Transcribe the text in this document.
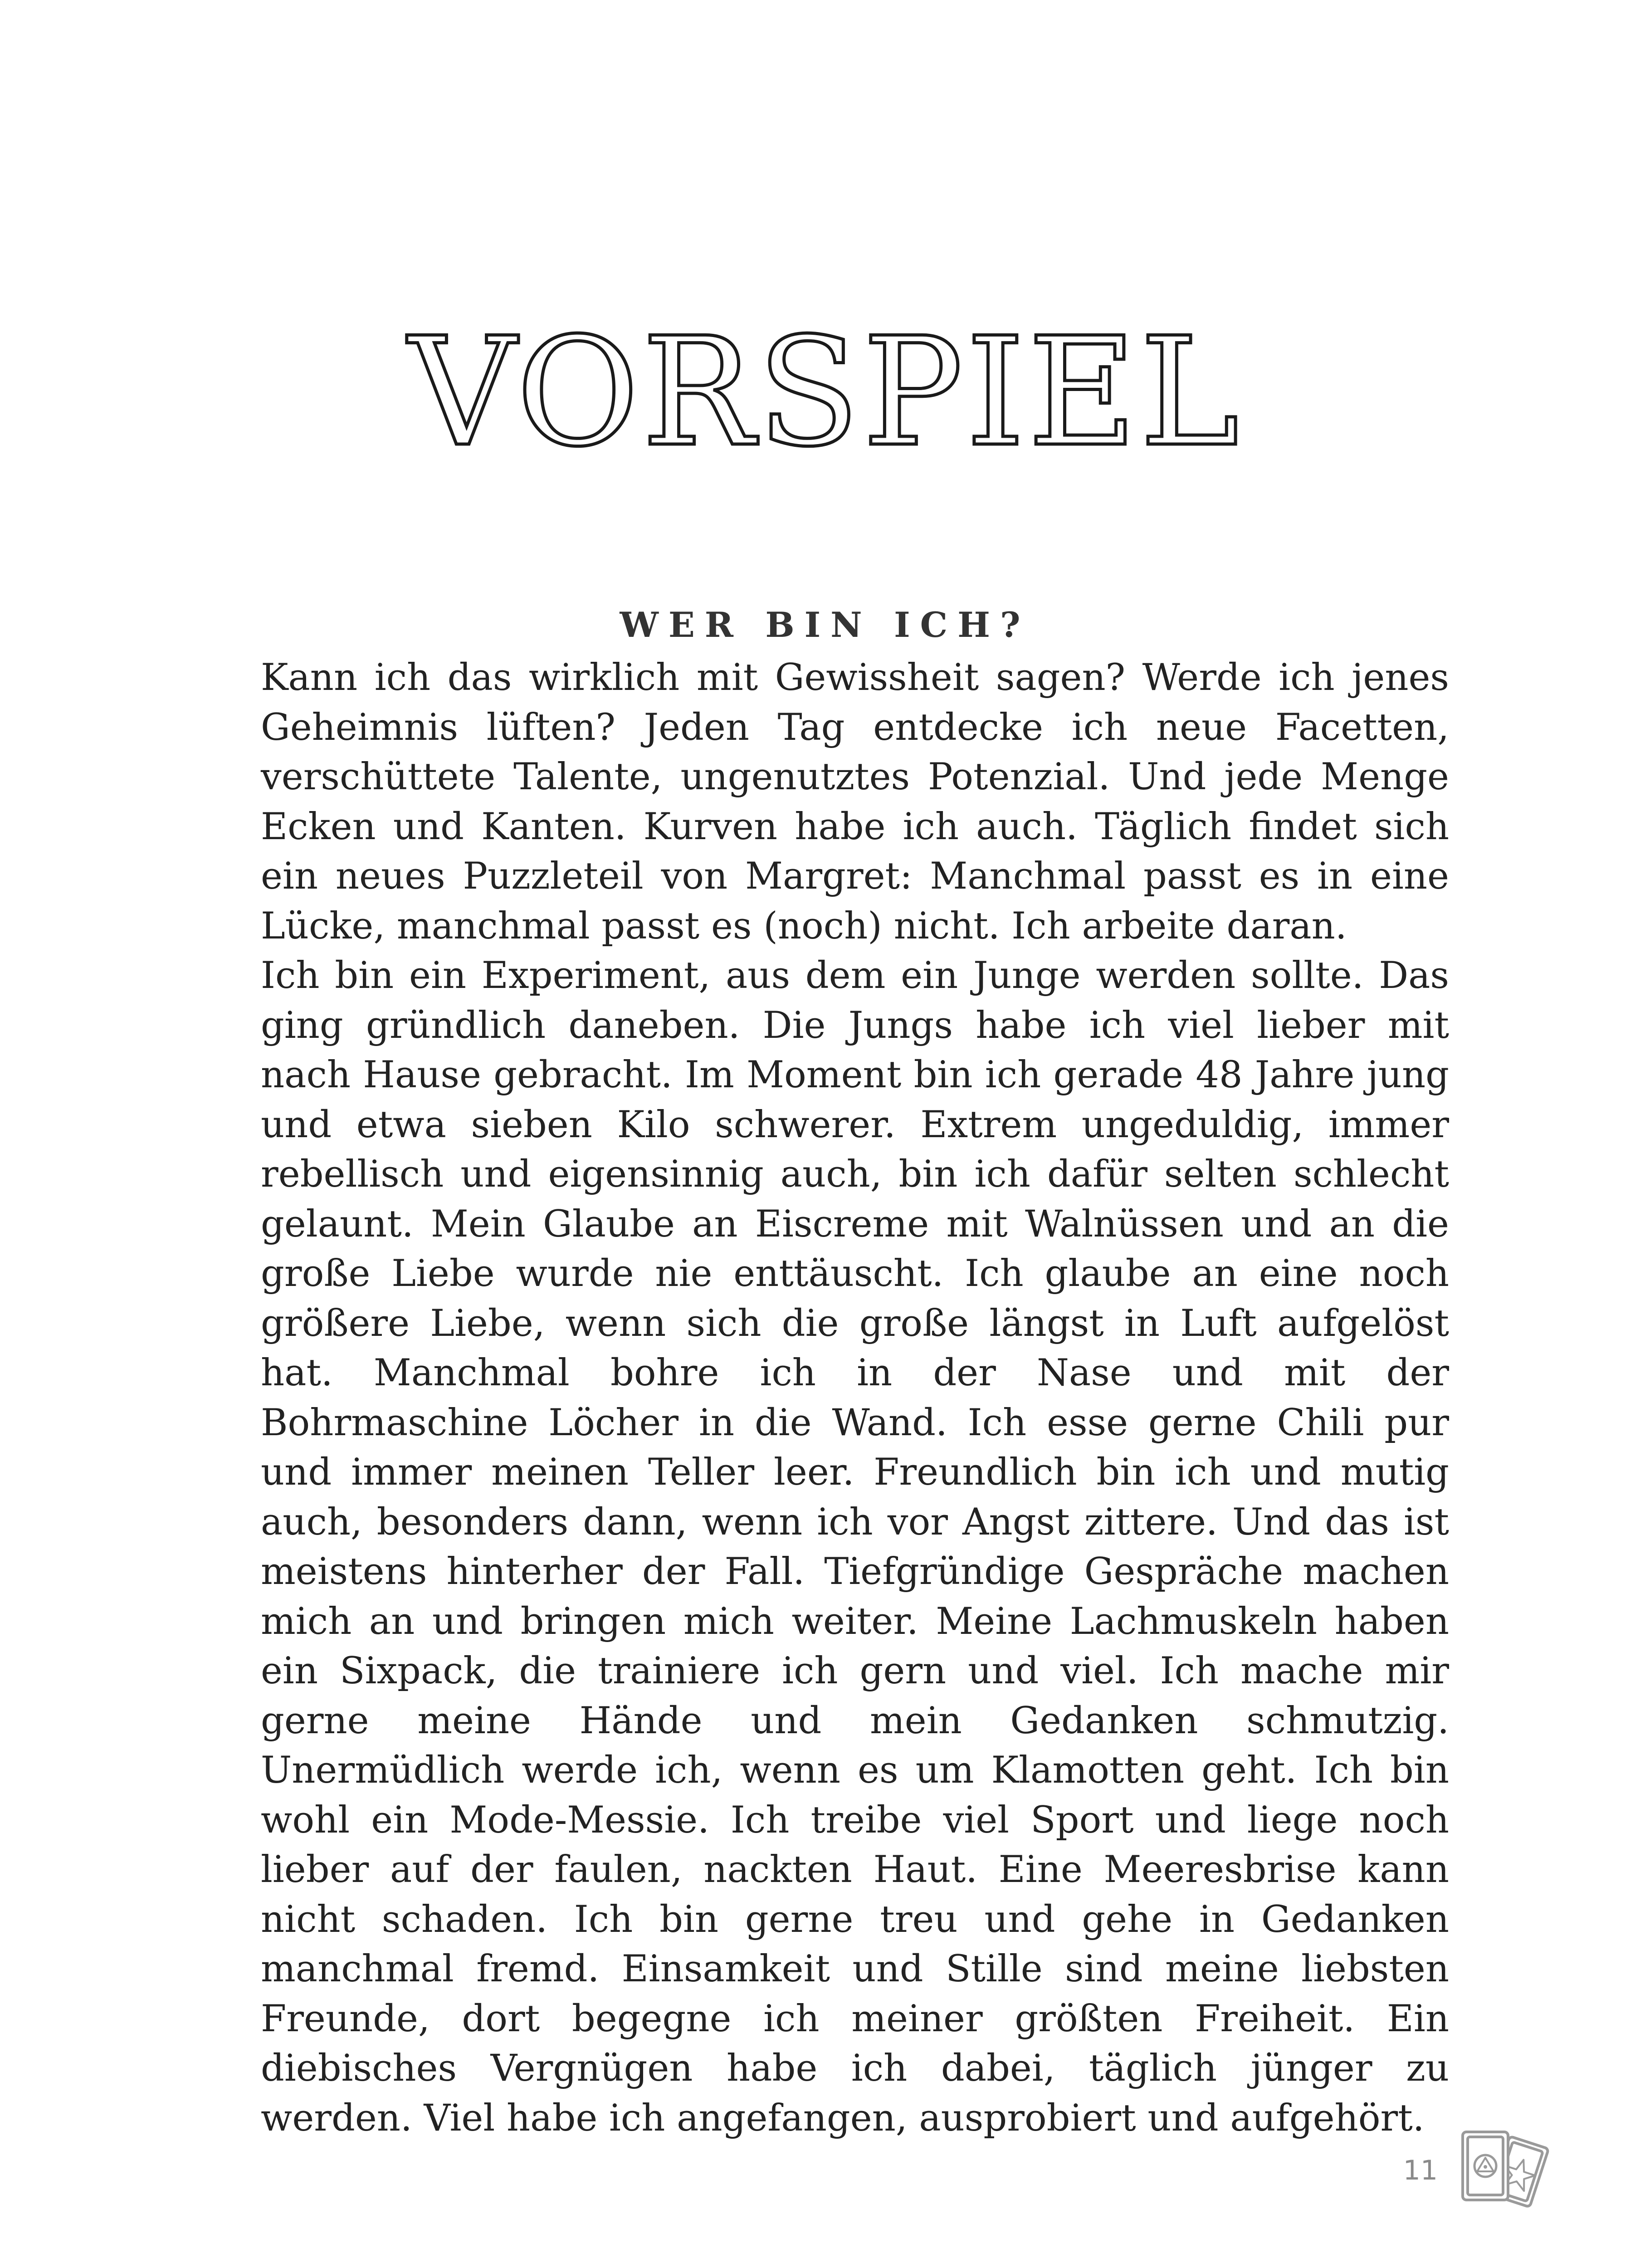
VORSPIEL
WER BIN ICH?

Kann ich das wirklich mit Gewissheit sagen? Werde ich jenes Geheimnis lüften? Jeden Tag entdecke ich neue Facetten, verschüttete Talente, ungenutztes Potenzial. Und jede Menge Ecken und Kanten. Kurven habe ich auch. Täglich findet sich ein neues Puzzleteil von Margret: Manchmal passt es in eine Lücke, manchmal passt es (noch) nicht. Ich arbeite daran.

Ich bin ein Experiment, aus dem ein Junge werden sollte. Das ging gründlich daneben. Die Jungs habe ich viel lieber mit nach Hause gebracht. Im Moment bin ich gerade 48 Jahre jung und etwa sieben Kilo schwerer. Extrem ungeduldig, immer rebellisch und eigensinnig auch, bin ich dafür selten schlecht gelaunt. Mein Glaube an Eiscreme mit Walnüssen und an die große Liebe wurde nie enttäuscht. Ich glaube an eine noch größere Liebe, wenn sich die große längst in Luft aufgelöst hat. Manchmal bohre ich in der Nase und mit der Bohrmaschine Löcher in die Wand. Ich esse gerne Chili pur und immer meinen Teller leer. Freundlich bin ich und mutig auch, besonders dann, wenn ich vor Angst zittere. Und das ist meistens hinterher der Fall. Tiefgründige Gespräche machen mich an und bringen mich weiter. Meine Lachmuskeln haben ein Sixpack, die trainiere ich gern und viel. Ich mache mir gerne meine Hände und mein Gedanken schmutzig. Unermüdlich werde ich, wenn es um Klamotten geht. Ich bin wohl ein Mode-Messie. Ich treibe viel Sport und liege noch lieber auf der faulen, nackten Haut. Eine Meeresbrise kann nicht schaden. Ich bin gerne treu und gehe in Gedanken manchmal fremd. Einsamkeit und Stille sind meine liebsten Freunde, dort begegne ich meiner größten Freiheit. Ein diebisches Vergnügen habe ich dabei, täglich jünger zu werden. Viel habe ich angefangen, ausprobiert und aufgehört.

11
